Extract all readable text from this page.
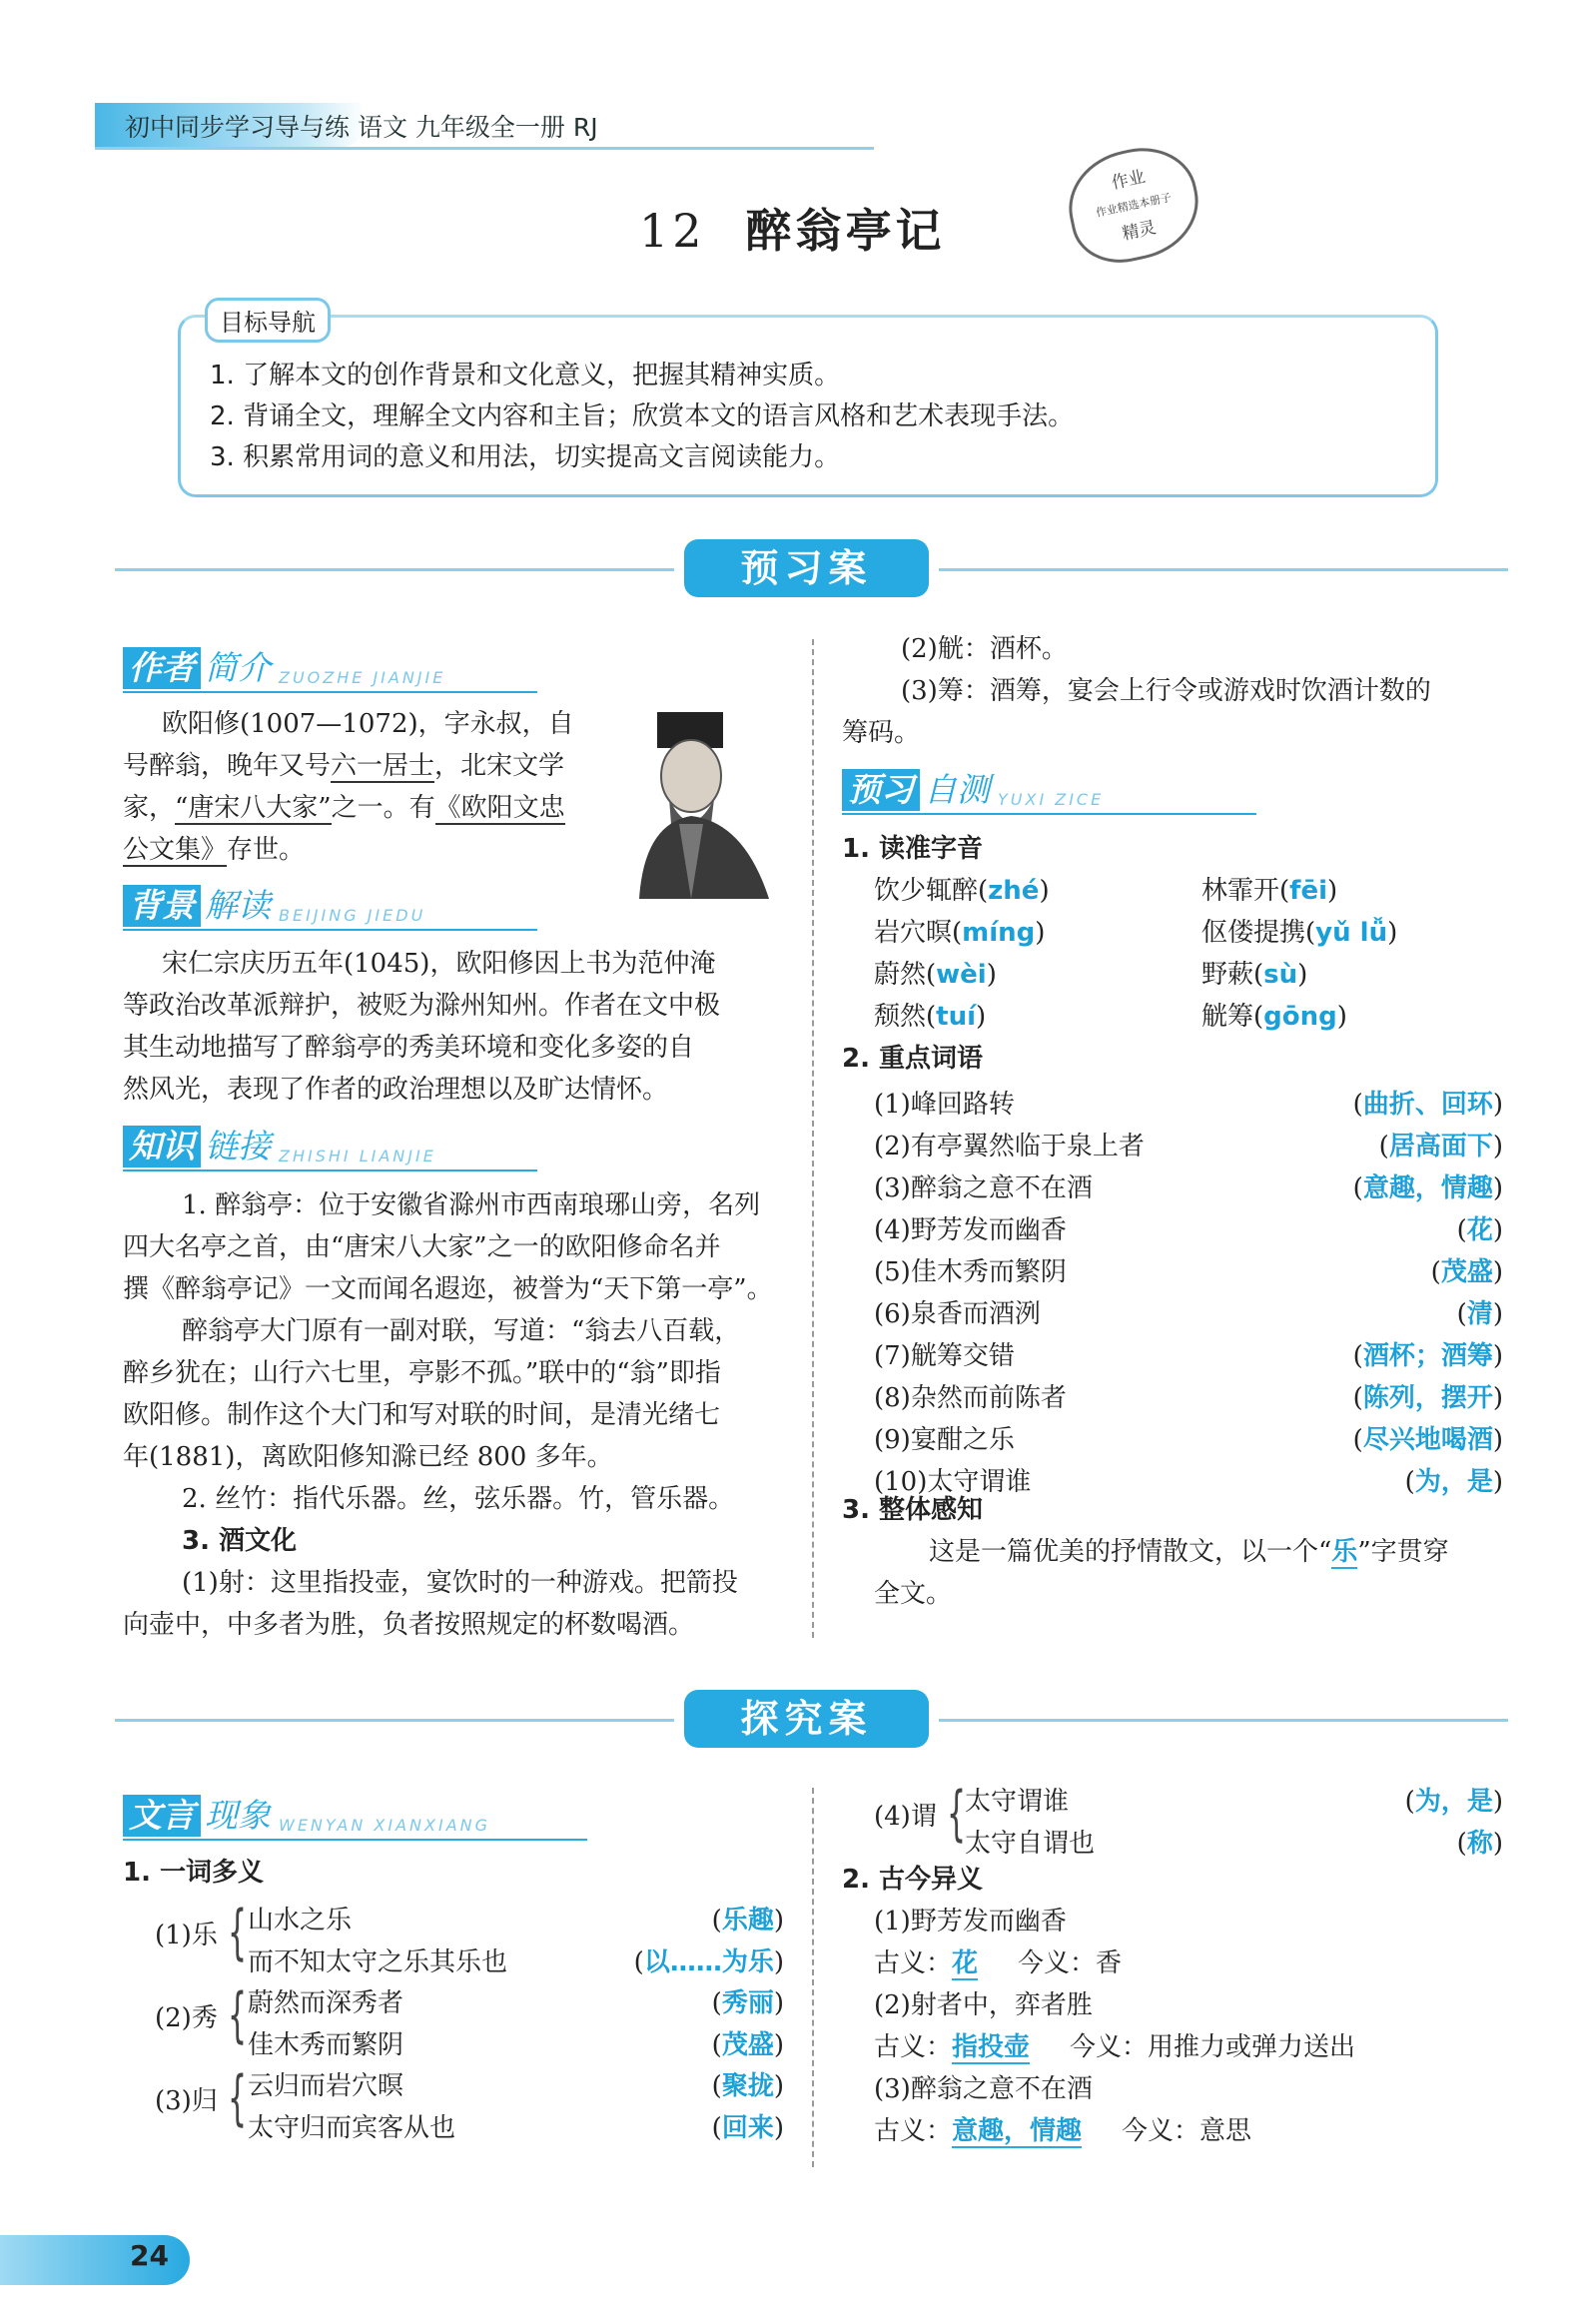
初中同步学习导与练 语文 九年级全一册 RJ
12 醉翁亭记
作业
作业精选本册子
精灵
目标导航
1. 了解本文的创作背景和文化意义，把握其精神实质。
2. 背诵全文，理解全文内容和主旨；欣赏本文的语言风格和艺术表现手法。
3. 积累常用词的意义和用法，切实提高文言阅读能力。
预习案
作者 简介 ZUOZHE JIANJIE
欧阳修(1007—1072)，字永叔，自
号醉翁，晚年又号六一居士，北宋文学
家，“唐宋八大家”之一。有《欧阳文忠
公文集》存世。
背景 解读 BEIJING JIEDU
宋仁宗庆历五年(1045)，欧阳修因上书为范仲淹
等政治改革派辩护，被贬为滁州知州。作者在文中极
其生动地描写了醉翁亭的秀美环境和变化多姿的自
然风光，表现了作者的政治理想以及旷达情怀。
知识 链接 ZHISHI LIANJIE
1. 醉翁亭：位于安徽省滁州市西南琅琊山旁，名列
四大名亭之首，由“唐宋八大家”之一的欧阳修命名并
撰《醉翁亭记》一文而闻名遐迩，被誉为“天下第一亭”。
醉翁亭大门原有一副对联，写道：“翁去八百载，
醉乡犹在；山行六七里，亭影不孤。”联中的“翁”即指
欧阳修。制作这个大门和写对联的时间，是清光绪七
年(1881)，离欧阳修知滁已经 800 多年。
2. 丝竹：指代乐器。丝，弦乐器。竹，管乐器。
3. 酒文化
(1)射：这里指投壶，宴饮时的一种游戏。把箭投
向壶中，中多者为胜，负者按照规定的杯数喝酒。
(2)觥：酒杯。
(3)筹：酒筹，宴会上行令或游戏时饮酒计数的
筹码。
预习 自测 YUXI ZICE
1. 读准字音
饮少辄醉(zhé)	林霏开(fēi)
岩穴暝(míng)	伛偻提携(yǔ lǚ)
蔚然(wèi)	野蔌(sù)
颓然(tuí)	觥筹(gōng)
2. 重点词语
(1)峰回路转	(曲折、回环)
(2)有亭翼然临于泉上者	(居高面下)
(3)醉翁之意不在酒	(意趣，情趣)
(4)野芳发而幽香	(花)
(5)佳木秀而繁阴	(茂盛)
(6)泉香而酒洌	(清)
(7)觥筹交错	(酒杯；酒筹)
(8)杂然而前陈者	(陈列，摆开)
(9)宴酣之乐	(尽兴地喝酒)
(10)太守谓谁	(为，是)
3. 整体感知
这是一篇优美的抒情散文，以一个“乐”字贯穿
全文。
探究案
文言 现象 WENYAN XIANXIANG
1. 一词多义
(1)乐 { 山水之乐	(乐趣)
而不知太守之乐其乐也	(以……为乐)
(2)秀 { 蔚然而深秀者	(秀丽)
佳木秀而繁阴	(茂盛)
(3)归 { 云归而岩穴暝	(聚拢)
太守归而宾客从也	(回来)
(4)谓 {
太守谓谁	(为，是)
太守自谓也	(称)
2. 古今异义
(1)野芳发而幽香
古义：花 今义：香
(2)射者中，弈者胜
古义：指投壶 今义：用推力或弹力送出
(3)醉翁之意不在酒
古义：意趣，情趣 今义：意思
24
